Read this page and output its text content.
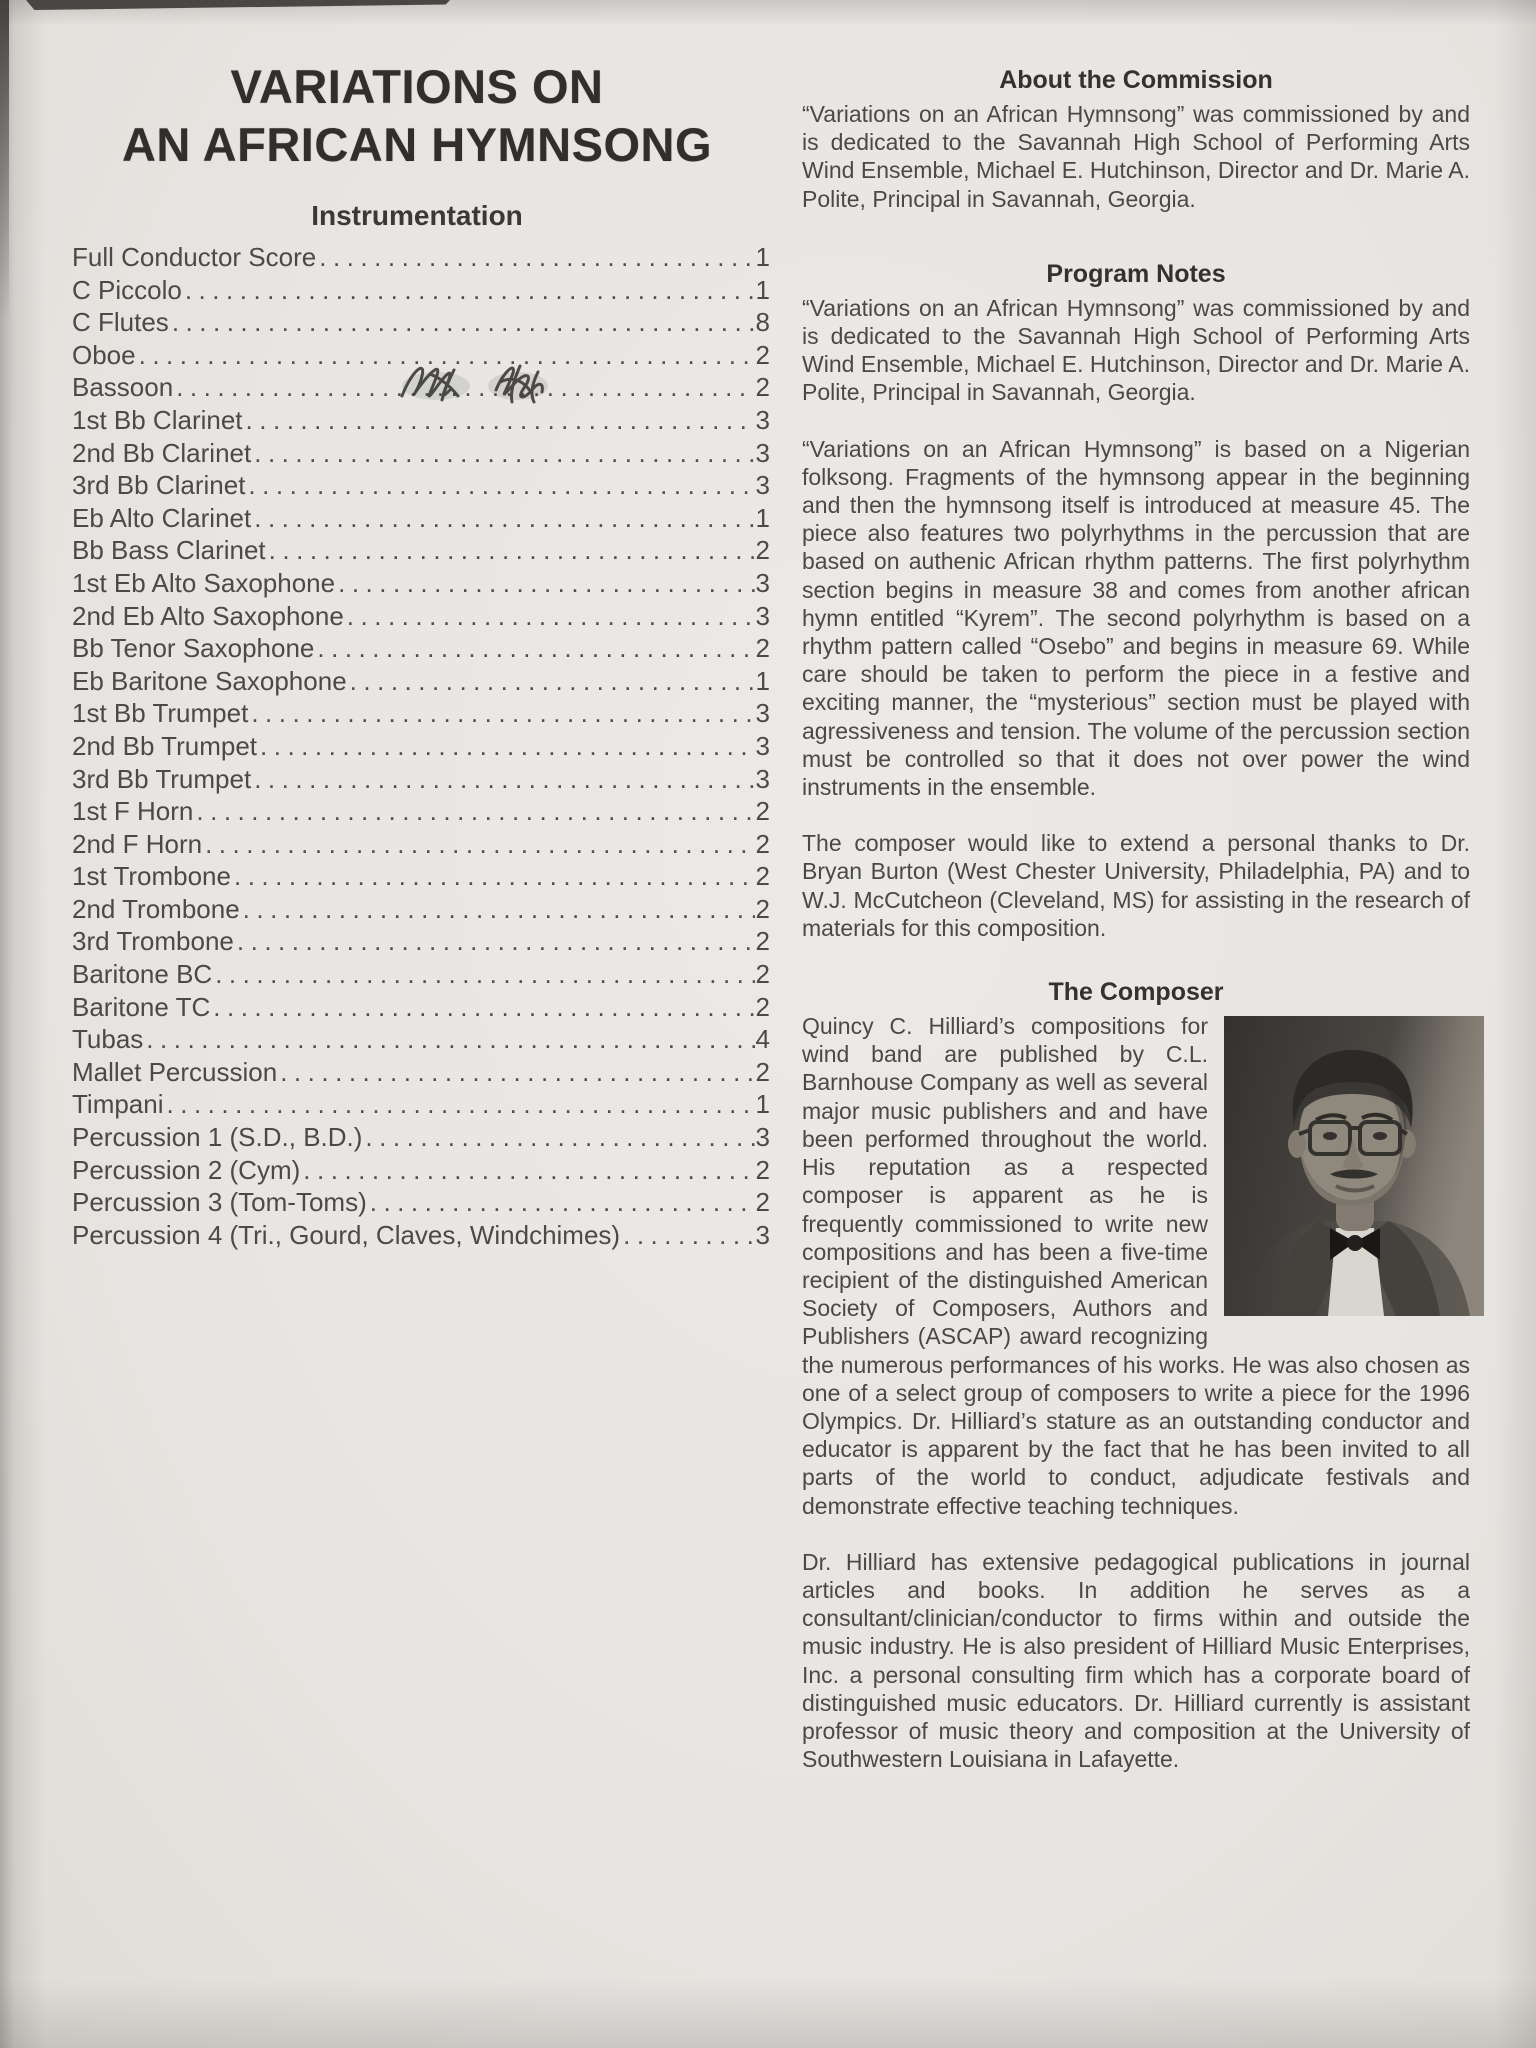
VARIATIONS ON
AN AFRICAN HYMNSONG
Instrumentation
Full Conductor Score .....	1
C Piccolo .....	1
C Flutes .....	8
Oboe .....	2
Bassoon .....	2
1st Bb Clarinet .....	3
2nd Bb Clarinet .....	3
3rd Bb Clarinet .....	3
Eb Alto Clarinet .....	1
Bb Bass Clarinet .....	2
1st Eb Alto Saxophone .....	3
2nd Eb Alto Saxophone .....	3
Bb Tenor Saxophone .....	2
Eb Baritone Saxophone .....	1
1st Bb Trumpet .....	3
2nd Bb Trumpet .....	3
3rd Bb Trumpet .....	3
1st F Horn .....	2
2nd F Horn .....	2
1st Trombone .....	2
2nd Trombone .....	2
3rd Trombone .....	2
Baritone BC .....	2
Baritone TC .....	2
Tubas .....	4
Mallet Percussion .....	2
Timpani .....	1
Percussion 1 (S.D., B.D.) .....	3
Percussion 2 (Cym) .....	2
Percussion 3 (Tom-Toms) .....	2
Percussion 4 (Tri., Gourd, Claves, Windchimes) .....	3
About the Commission

“Variations on an African Hymnsong” was commissioned by and is dedicated to the Savannah High School of Performing Arts Wind Ensemble, Michael E. Hutchinson, Director and Dr. Marie A. Polite, Principal in Savannah, Georgia.

Program Notes

“Variations on an African Hymnsong” was commissioned by and is dedicated to the Savannah High School of Performing Arts Wind Ensemble, Michael E. Hutchinson, Director and Dr. Marie A. Polite, Principal in Savannah, Georgia.

“Variations on an African Hymnsong” is based on a Nigerian folksong. Fragments of the hymnsong appear in the beginning and then the hymnsong itself is introduced at measure 45. The piece also features two polyrhythms in the percussion that are based on authenic African rhythm patterns. The first polyrhythm section begins in measure 38 and comes from another african hymn entitled “Kyrem”. The second polyrhythm is based on a rhythm pattern called “Osebo” and begins in measure 69. While care should be taken to perform the piece in a festive and exciting manner, the “mysterious” section must be played with agressiveness and tension. The volume of the percussion section must be controlled so that it does not over power the wind instruments in the ensemble.

The composer would like to extend a personal thanks to Dr. Bryan Burton (West Chester University, Philadelphia, PA) and to W.J. McCutcheon (Cleveland, MS) for assisting in the research of materials for this composition.

The Composer

Quincy C. Hilliard’s compositions for wind band are published by C.L. Barnhouse Company as well as several major music publishers and and have been performed throughout the world. His reputation as a respected composer is apparent as he is frequently commissioned to write new compositions and has been a five-time recipient of the distinguished American Society of Composers, Authors and Publishers (ASCAP) award recognizing the numerous performances of his works. He was also chosen as one of a select group of composers to write a piece for the 1996 Olympics. Dr. Hilliard’s stature as an outstanding conductor and educator is apparent by the fact that he has been invited to all parts of the world to conduct, adjudicate festivals and demonstrate effective teaching techniques.

Dr. Hilliard has extensive pedagogical publications in journal articles and books. In addition he serves as a consultant/clinician/conductor to firms within and outside the music industry. He is also president of Hilliard Music Enterprises, Inc. a personal consulting firm which has a corporate board of distinguished music educators. Dr. Hilliard currently is assistant professor of music theory and composition at the University of Southwestern Louisiana in Lafayette.
